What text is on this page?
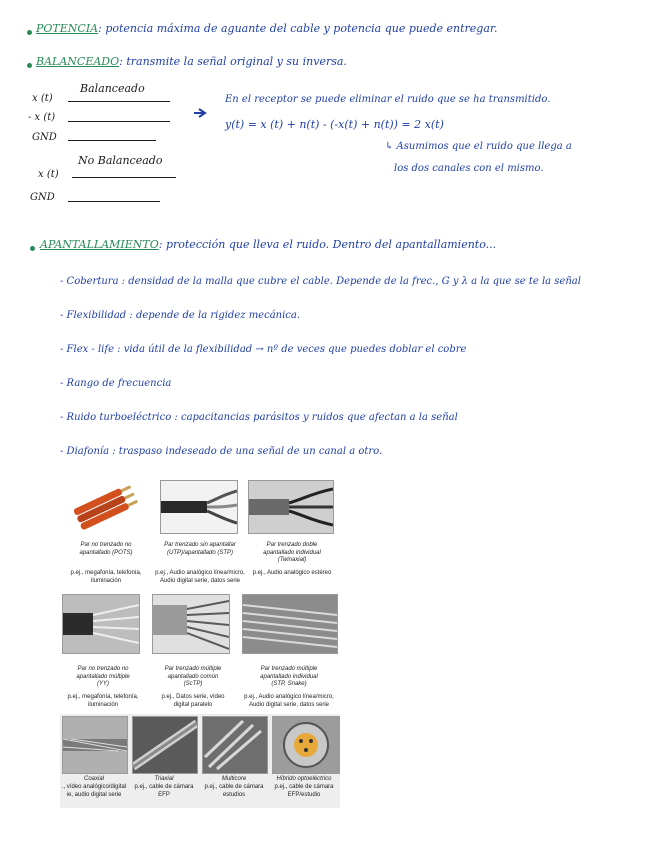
POTENCIA: potencia máxima de aguante del cable y potencia que puede entregar.
BALANCEADO: transmite la señal original y su inversa.
Balanceado
x (t)
- x (t)
GND
No Balanceado
x (t)
GND
En el receptor se puede eliminar el ruido que se ha transmitido.
y(t) = x (t) + n(t) - (-x(t) + n(t)) = 2 x(t)
↳ Asumimos que el ruido que llega a
los dos canales con el mismo.
APANTALLAMIENTO: protección que lleva el ruido. Dentro del apantallamiento...
- Cobertura : densidad de la malla que cubre el cable. Depende de la frec., G y λ a la que se te la señal
- Flexibilidad : depende de la rigidez mecánica.
- Flex - life : vida útil de la flexibilidad → nº de veces que puedes doblar el cobre
- Rango de frecuencia
- Ruido turboeléctrico : capacitancias parásitos y ruidos que afectan a la señal
- Diafonía : traspaso indeseado de una señal de un canal a otro.
Par no trenzado no
apantallado (POTS)
Par trenzado sin apantallar
(UTP)/apantallado (STP)
Par trenzado doble
apantallado individual
(Twinaxial)
p.ej., megafonía, telefonía,
iluminación
p.ej., Audio analógico línea/micro,
Audio digital serie, datos serie
p.ej., Audio analógico estéreo
Par no trenzado no
apantallado múltiple
(YY)
Par trenzado múltiple
apantallado común
(ScTP)
Par trenzado múltiple
apantallado individual
(STP, Snake)
p.ej., megafonía, telefonía,
iluminación
p.ej., Datos serie, vídeo
digital paralelo
p.ej., Audio analógico línea/micro,
Audio digital serie, datos serie
Coaxial	Triaxial	Multicore	Híbrido optoeléctrico
., vídeo analógico/digital
ie, audio digital serie
p.ej., cable de cámara
EFP
p.ej., cable de cámara
estudios
p.ej., cable de cámara
EFP/estudio
